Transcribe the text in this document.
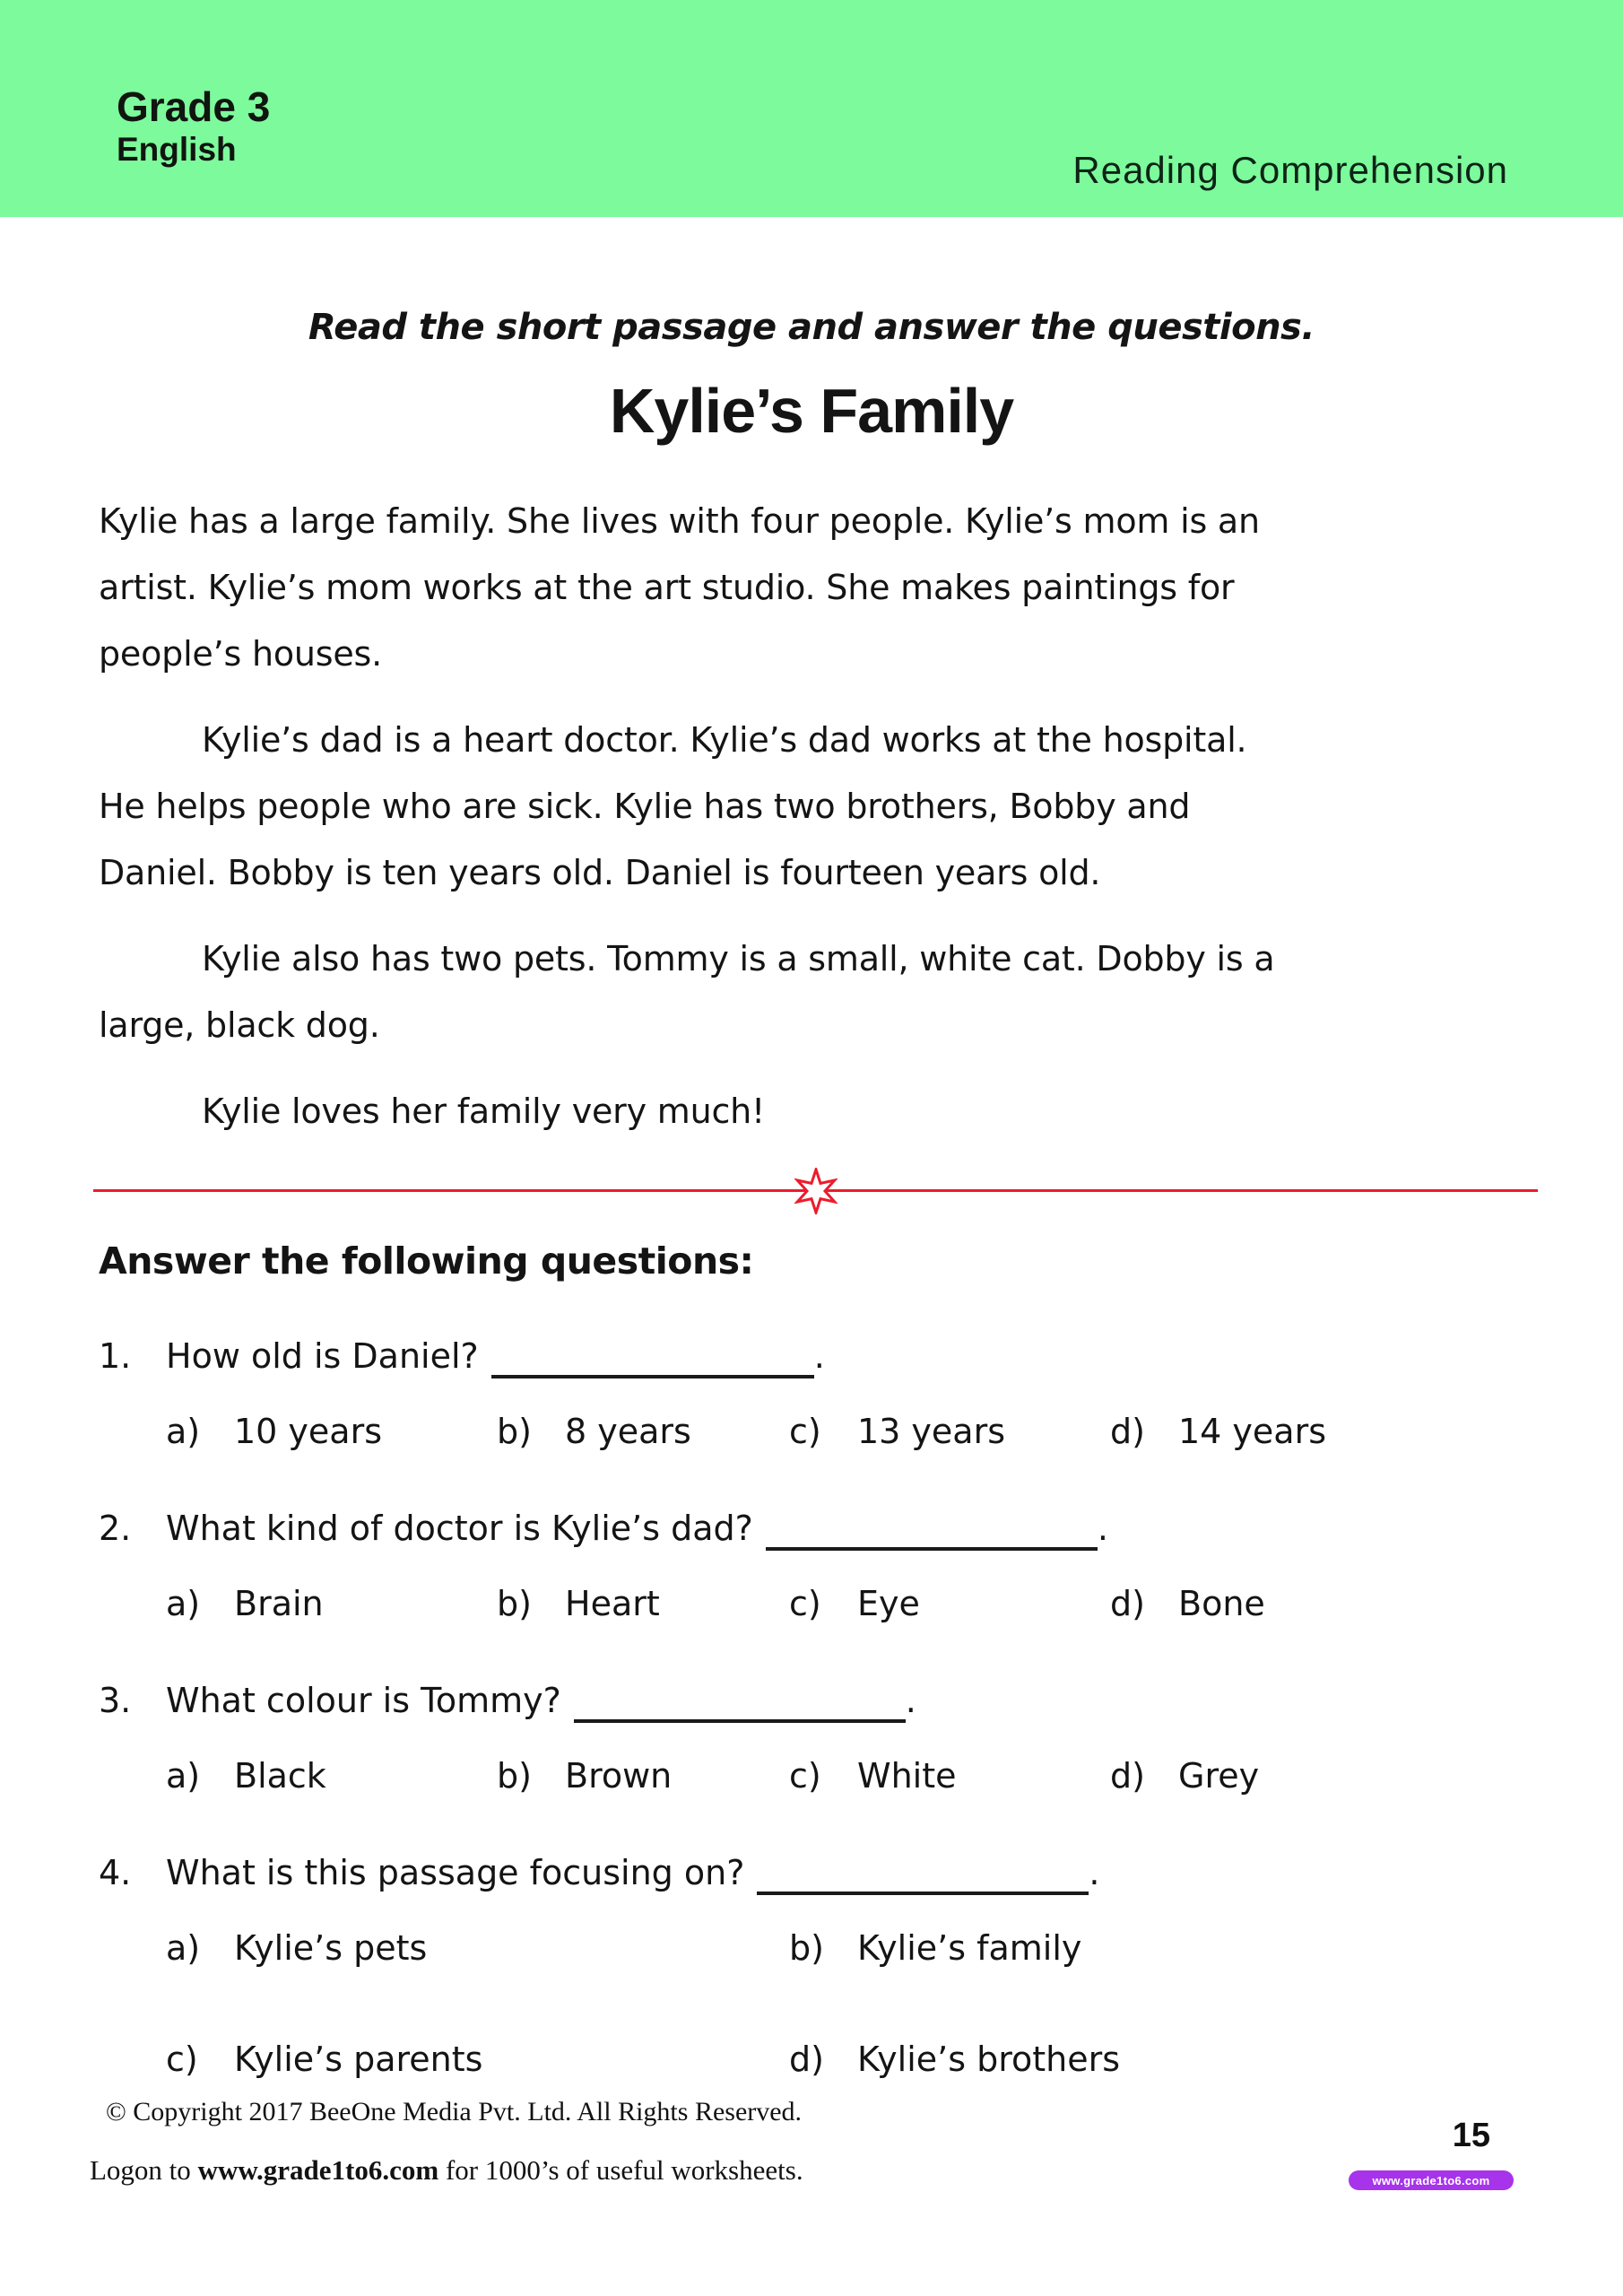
Grade 3
English	Reading Comprehension
Read the short passage and answer the questions.
Kylie’s Family
Kylie has a large family. She lives with four people. Kylie’s mom is an
artist. Kylie’s mom works at the art studio. She makes paintings for
people’s houses.
Kylie’s dad is a heart doctor. Kylie’s dad works at the hospital.
He helps people who are sick. Kylie has two brothers, Bobby and
Daniel. Bobby is ten years old. Daniel is fourteen years old.
Kylie also has two pets. Tommy is a small, white cat. Dobby is a
large, black dog.
Kylie loves her family very much!
Answer the following questions:
1. How old is Daniel?	.
a) 10 years	b) 8 years	c) 13 years	d) 14 years
2. What kind of doctor is Kylie’s dad?	.
a) Brain	b) Heart	c) Eye	d) Bone
3. What colour is Tommy?	.
a) Black	b) Brown	c) White	d) Grey
4. What is this passage focusing on?	.
a) Kylie’s pets	b) Kylie’s family
c) Kylie’s parents	d) Kylie’s brothers
© Copyright 2017 BeeOne Media Pvt. Ltd. All Rights Reserved.
Logon to www.grade1to6.com for 1000’s of useful worksheets.
15
www.grade1to6.com
